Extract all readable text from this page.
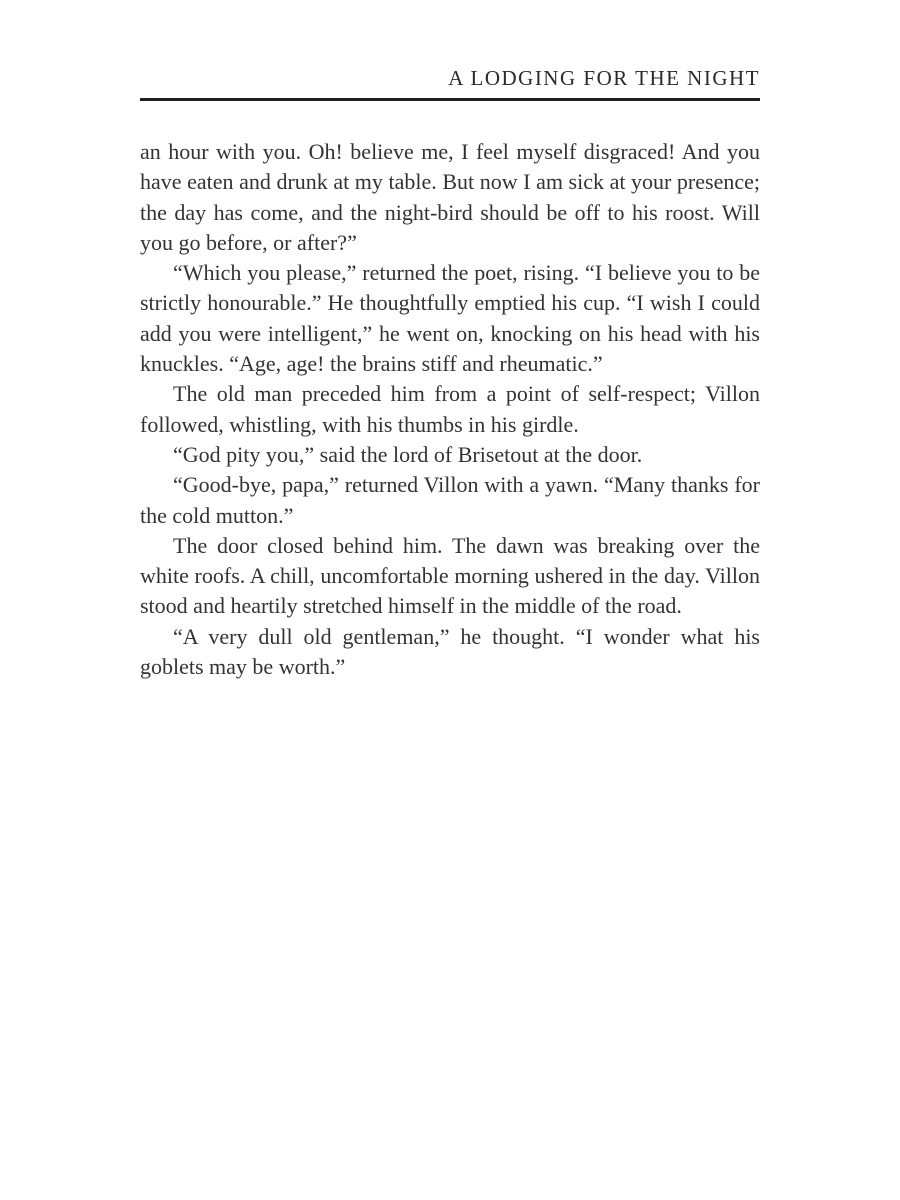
A LODGING FOR THE NIGHT

an hour with you. Oh! believe me, I feel myself disgraced! And you have eaten and drunk at my table. But now I am sick at your presence; the day has come, and the night-bird should be off to his roost. Will you go before, or after?”

“Which you please,” returned the poet, rising. “I believe you to be strictly honourable.” He thoughtfully emptied his cup. “I wish I could add you were intelligent,” he went on, knocking on his head with his knuckles. “Age, age! the brains stiff and rheumatic.”

The old man preceded him from a point of self-respect; Villon followed, whistling, with his thumbs in his girdle.

“God pity you,” said the lord of Brisetout at the door.

“Good-bye, papa,” returned Villon with a yawn. “Many thanks for the cold mutton.”

The door closed behind him. The dawn was breaking over the white roofs. A chill, uncomfortable morning ushered in the day. Villon stood and heartily stretched himself in the middle of the road.

“A very dull old gentleman,” he thought. “I wonder what his goblets may be worth.”
